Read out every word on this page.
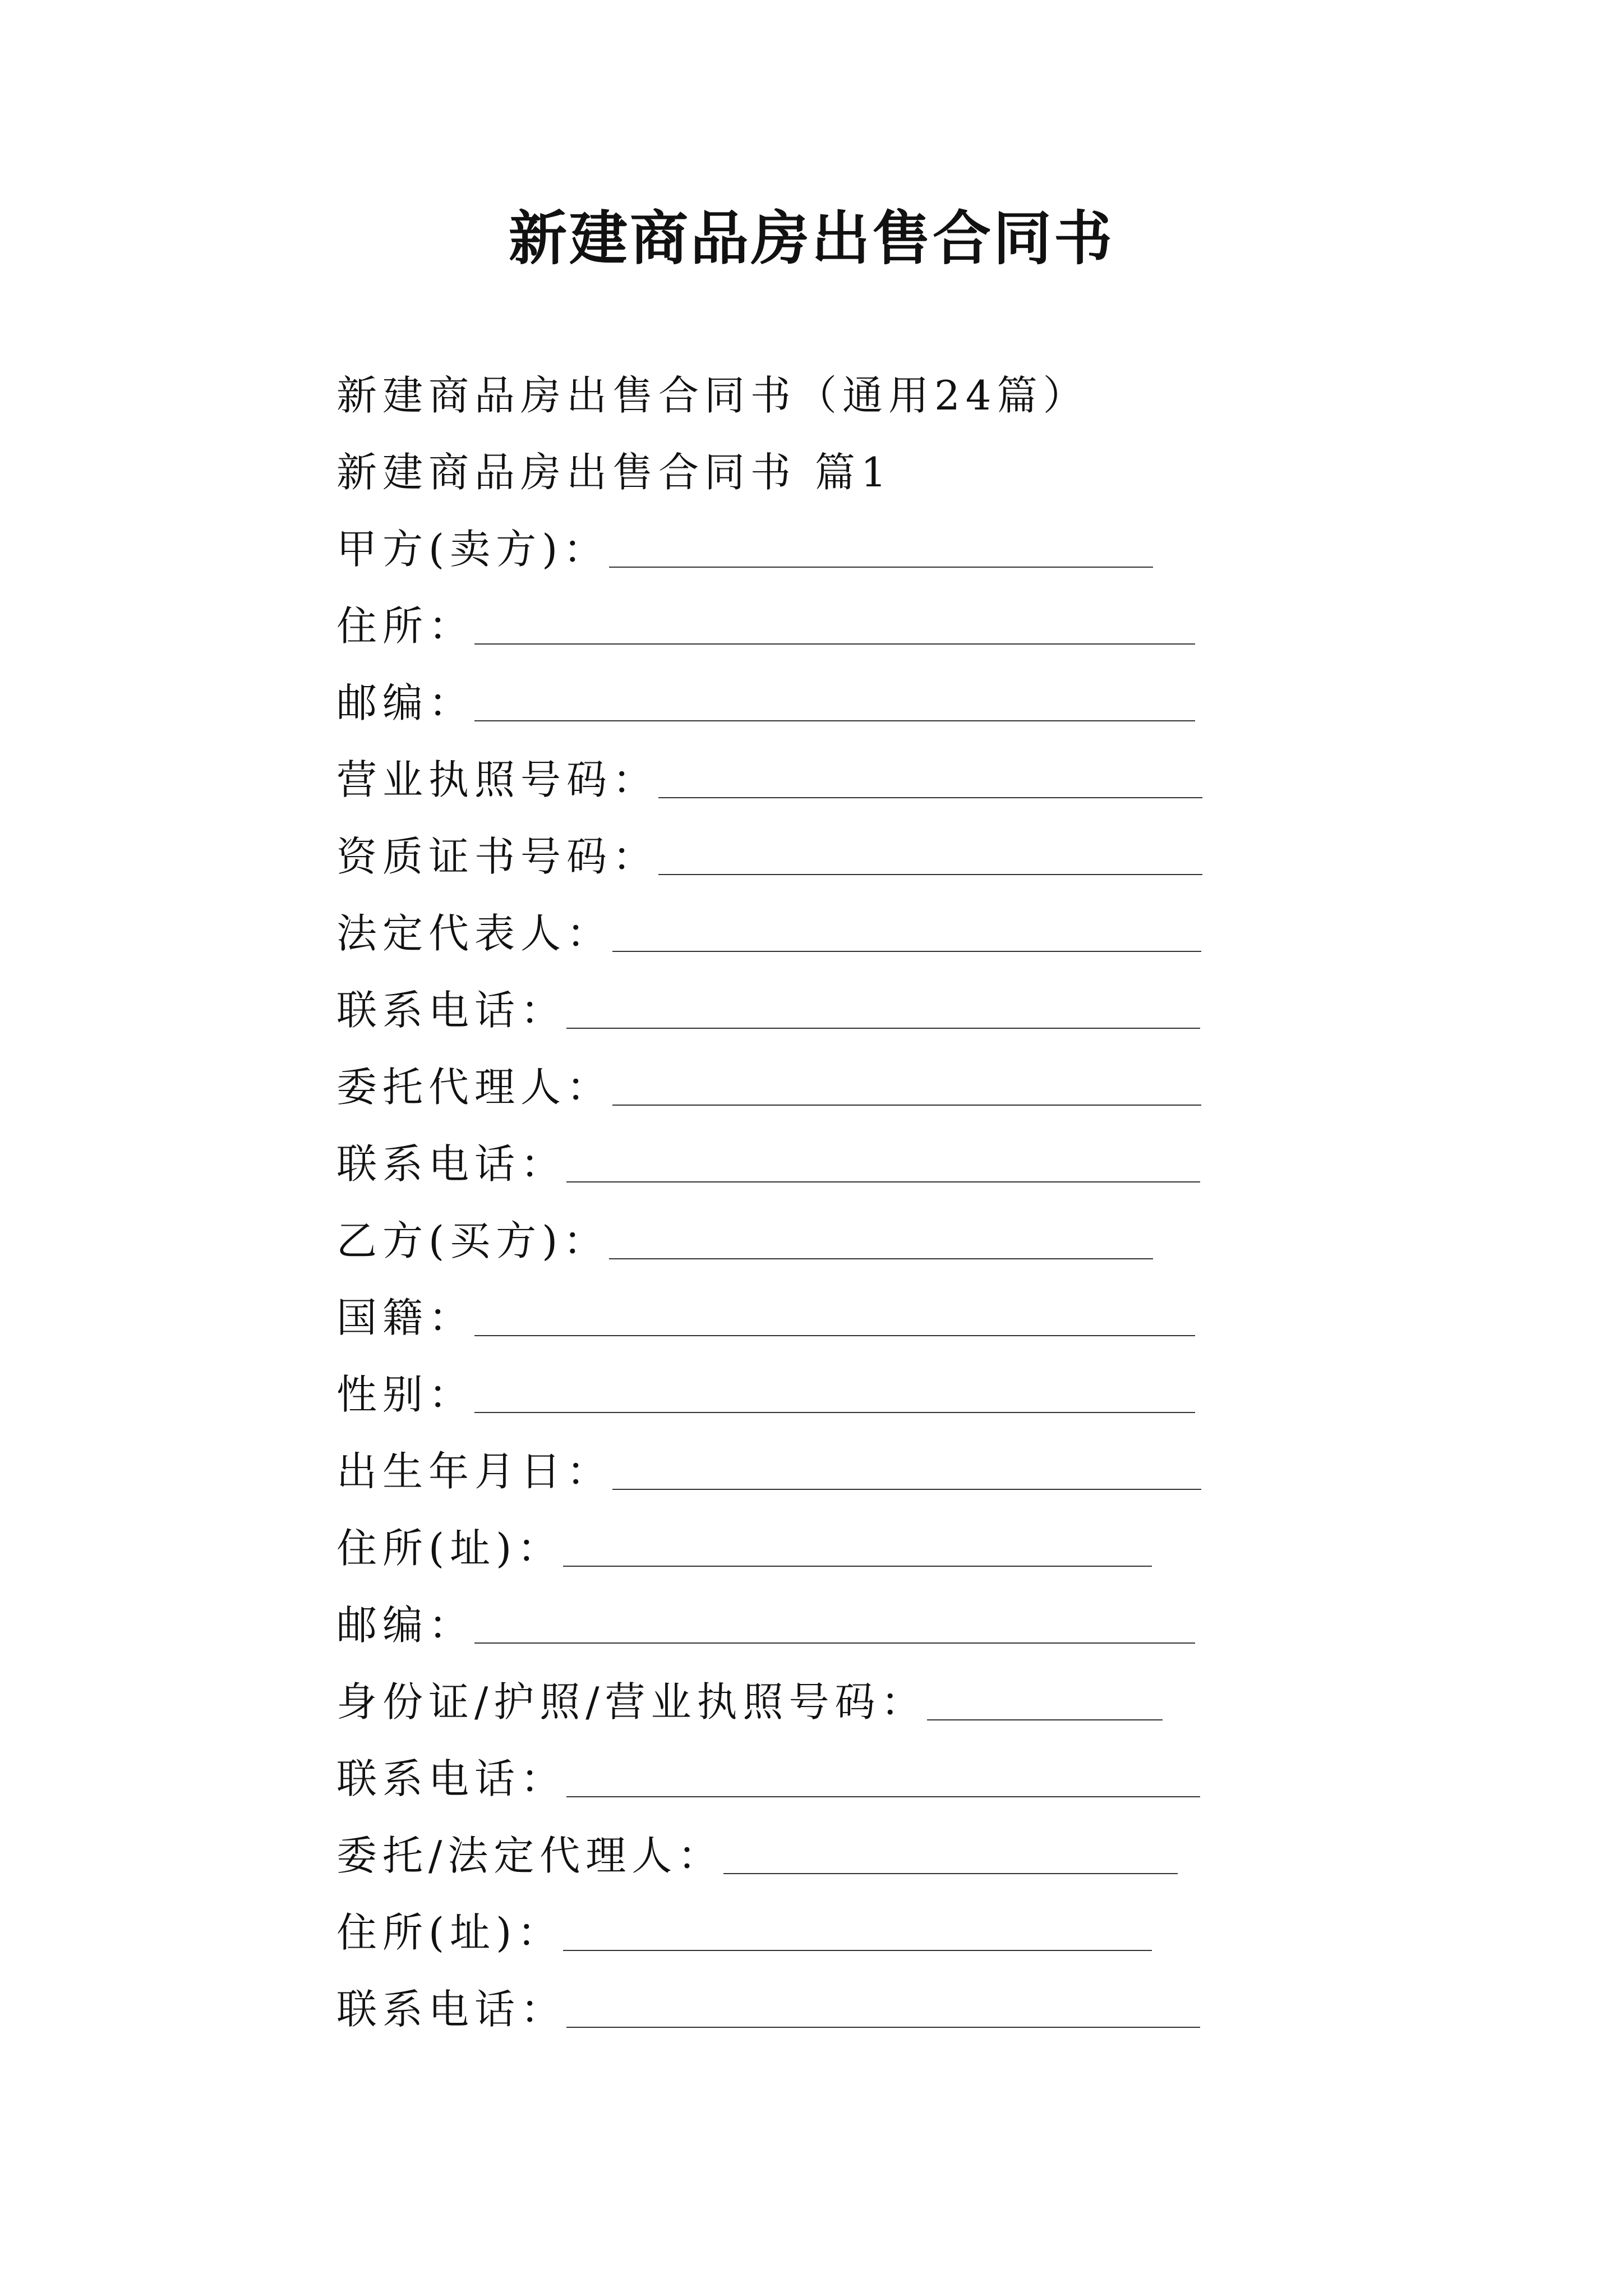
新建商品房出售合同书
新建商品房出售合同书（通用24篇）
新建商品房出售合同书 篇1
甲方(卖方)：
住所：
邮编：
营业执照号码：
资质证书号码：
法定代表人：
联系电话：
委托代理人：
联系电话：
乙方(买方)：
国籍：
性别：
出生年月日：
住所(址)：
邮编：
身份证/护照/营业执照号码：
联系电话：
委托/法定代理人：
住所(址)：
联系电话：
